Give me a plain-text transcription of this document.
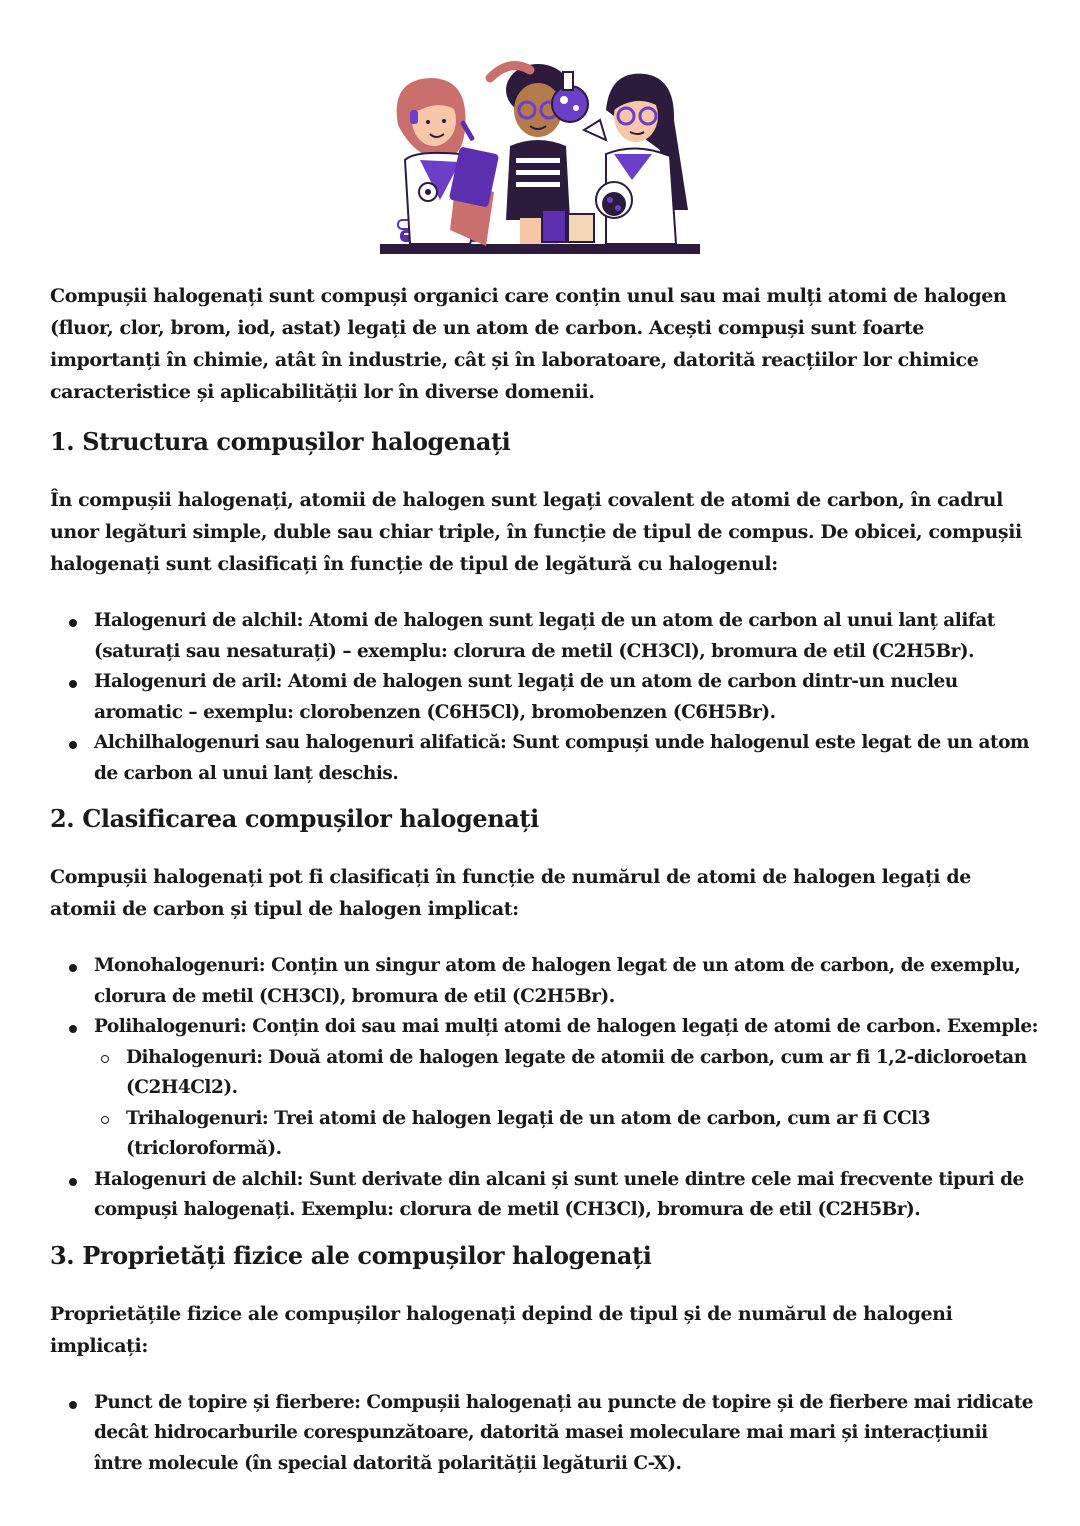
Compușii halogenați sunt compuși organici care conțin unul sau mai mulți atomi de halogen (fluor, clor, brom, iod, astat) legați de un atom de carbon. Acești compuși sunt foarte importanți în chimie, atât în industrie, cât și în laboratoare, datorită reacțiilor lor chimice caracteristice și aplicabilității lor în diverse domenii.

1. Structura compușilor halogenați

În compușii halogenați, atomii de halogen sunt legați covalent de atomi de carbon, în cadrul unor legături simple, duble sau chiar triple, în funcție de tipul de compus. De obicei, compușii halogenați sunt clasificați în funcție de tipul de legătură cu halogenul:

Halogenuri de alchil: Atomi de halogen sunt legați de un atom de carbon al unui lanț alifat (saturați sau nesaturați) – exemplu: clorura de metil (CH3Cl), bromura de etil (C2H5Br).
Halogenuri de aril: Atomi de halogen sunt legați de un atom de carbon dintr-un nucleu aromatic – exemplu: clorobenzen (C6H5Cl), bromobenzen (C6H5Br).
Alchilhalogenuri sau halogenuri alifatică: Sunt compuși unde halogenul este legat de un atom de carbon al unui lanț deschis.
2. Clasificarea compușilor halogenați

Compușii halogenați pot fi clasificați în funcție de numărul de atomi de halogen legați de atomii de carbon și tipul de halogen implicat:

Monohalogenuri: Conțin un singur atom de halogen legat de un atom de carbon, de exemplu, clorura de metil (CH3Cl), bromura de etil (C2H5Br).
Polihalogenuri: Conțin doi sau mai mulți atomi de halogen legați de atomi de carbon. Exemple:
Dihalogenuri: Două atomi de halogen legate de atomii de carbon, cum ar fi 1,2-dicloroetan (C2H4Cl2).
Trihalogenuri: Trei atomi de halogen legați de un atom de carbon, cum ar fi CCl3 (tricloroformă).
Halogenuri de alchil: Sunt derivate din alcani și sunt unele dintre cele mai frecvente tipuri de compuși halogenați. Exemplu: clorura de metil (CH3Cl), bromura de etil (C2H5Br).
3. Proprietăți fizice ale compușilor halogenați

Proprietățile fizice ale compușilor halogenați depind de tipul și de numărul de halogeni implicați:

Punct de topire și fierbere: Compușii halogenați au puncte de topire și de fierbere mai ridicate decât hidrocarburile corespunzătoare, datorită masei moleculare mai mari și interacțiunii între molecule (în special datorită polarității legăturii C-X).
